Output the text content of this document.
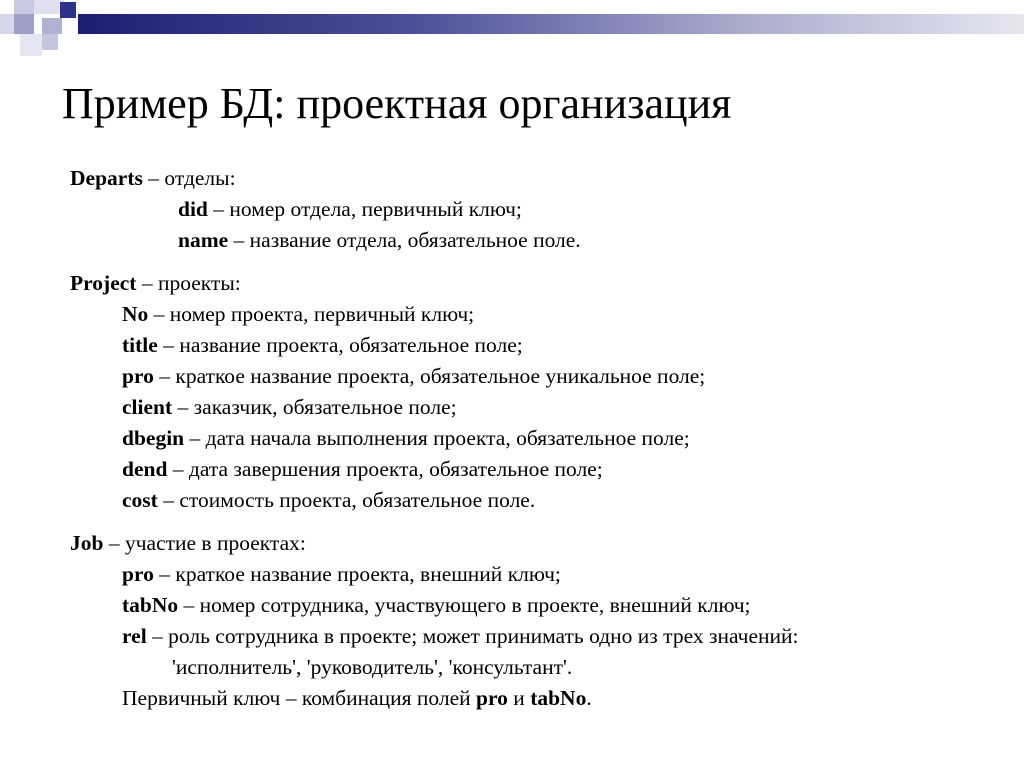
Пример БД: проектная организация
Departs – отделы:
did – номер отдела, первичный ключ;
name – название отдела, обязательное поле.
Project – проекты:
No – номер проекта, первичный ключ;
title – название проекта, обязательное поле;
pro – краткое название проекта, обязательное уникальное поле;
client – заказчик, обязательное поле;
dbegin – дата начала выполнения проекта, обязательное поле;
dend – дата завершения проекта, обязательное поле;
cost – стоимость проекта, обязательное поле.
Job – участие в проектах:
pro – краткое название проекта, внешний ключ;
tabNo – номер сотрудника, участвующего в проекте, внешний ключ;
rel – роль сотрудника в проекте; может принимать одно из трех значений:
'исполнитель', 'руководитель', 'консультант'.
Первичный ключ – комбинация полей pro и tabNo.
